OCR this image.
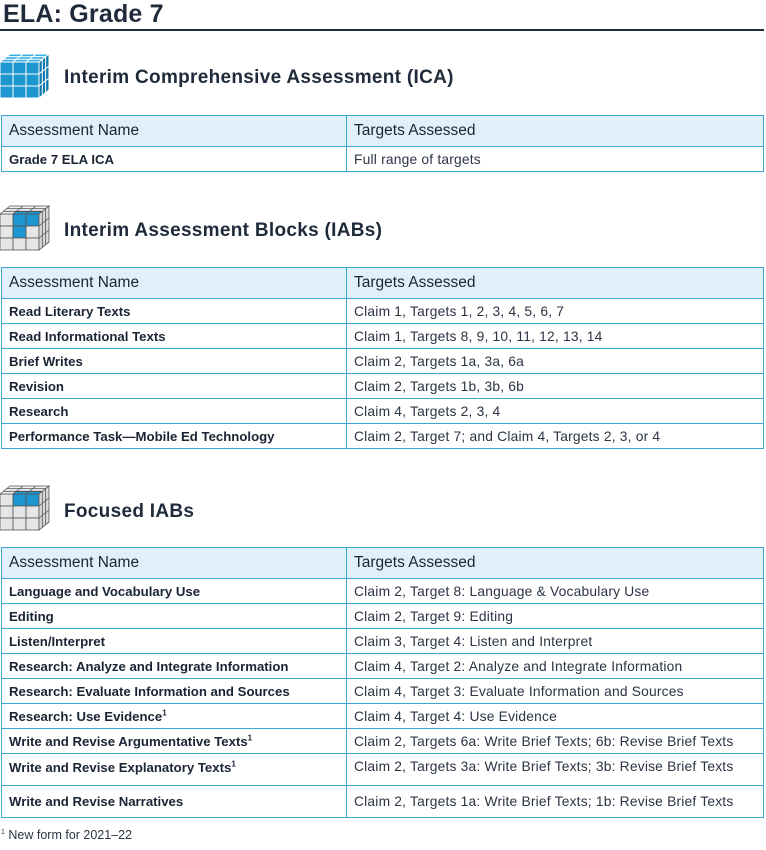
ELA: Grade 7
Interim Comprehensive Assessment (ICA)
Assessment Name	Targets Assessed
Grade 7 ELA ICA	Full range of targets
Interim Assessment Blocks (IABs)
Assessment Name	Targets Assessed
Read Literary Texts	Claim 1, Targets 1, 2, 3, 4, 5, 6, 7
Read Informational Texts	Claim 1, Targets 8, 9, 10, 11, 12, 13, 14
Brief Writes	Claim 2, Targets 1a, 3a, 6a
Revision	Claim 2, Targets 1b, 3b, 6b
Research	Claim 4, Targets 2, 3, 4
Performance Task—Mobile Ed Technology	Claim 2, Target 7; and Claim 4, Targets 2, 3, or 4
Focused IABs
Assessment Name	Targets Assessed
Language and Vocabulary Use	Claim 2, Target 8: Language & Vocabulary Use
Editing	Claim 2, Target 9: Editing
Listen/Interpret	Claim 3, Target 4: Listen and Interpret
Research: Analyze and Integrate Information	Claim 4, Target 2: Analyze and Integrate Information
Research: Evaluate Information and Sources	Claim 4, Target 3: Evaluate Information and Sources
Research: Use Evidence$^1$	Claim 4, Target 4: Use Evidence
Write and Revise Argumentative Texts$^1$	Claim 2, Targets 6a: Write Brief Texts; 6b: Revise Brief Texts
Write and Revise Explanatory Texts$^1$	Claim 2, Targets 3a: Write Brief Texts; 3b: Revise Brief Texts
Write and Revise Narratives	Claim 2, Targets 1a: Write Brief Texts; 1b: Revise Brief Texts
$^1$ New form for 2021–22
